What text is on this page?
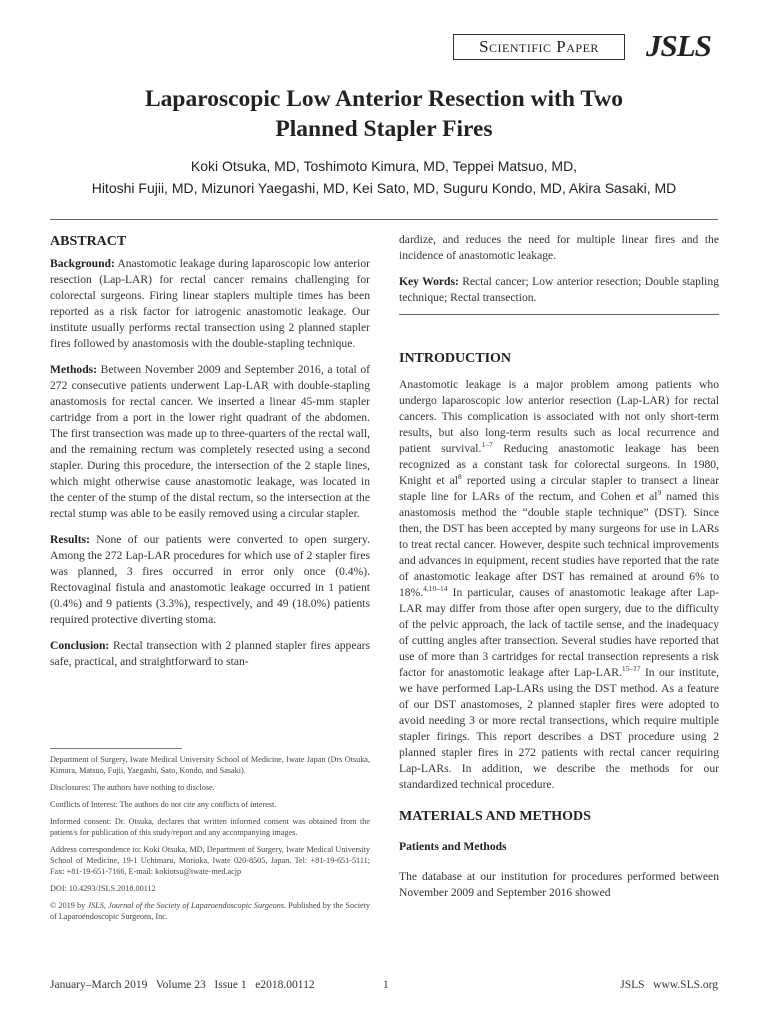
Scientific Paper	JSLS
Laparoscopic Low Anterior Resection with Two
Planned Stapler Fires
Koki Otsuka, MD, Toshimoto Kimura, MD, Teppei Matsuo, MD,
Hitoshi Fujii, MD, Mizunori Yaegashi, MD, Kei Sato, MD, Suguru Kondo, MD, Akira Sasaki, MD
ABSTRACT

Background: Anastomotic leakage during laparoscopic low anterior resection (Lap-LAR) for rectal cancer remains challenging for colorectal surgeons. Firing linear staplers multiple times has been reported as a risk factor for iatrogenic anastomotic leakage. Our institute usually performs rectal transection using 2 planned stapler fires followed by anastomosis with the double-stapling technique.

Methods: Between November 2009 and September 2016, a total of 272 consecutive patients underwent Lap-LAR with double-stapling anastomosis for rectal cancer. We inserted a linear 45-mm stapler cartridge from a port in the lower right quadrant of the abdomen. The first transection was made up to three-quarters of the rectal wall, and the remaining rectum was completely resected using a second stapler. During this procedure, the intersection of the 2 staple lines, which might otherwise cause anastomotic leakage, was located in the center of the stump of the distal rectum, so the intersection at the rectal stump was able to be easily removed using a circular stapler.

Results: None of our patients were converted to open surgery. Among the 272 Lap-LAR procedures for which use of 2 stapler fires was planned, 3 fires occurred in error only once (0.4%). Rectovaginal fistula and anastomotic leakage occurred in 1 patient (0.4%) and 9 patients (3.3%), respectively, and 49 (18.0%) patients required protective diverting stoma.

Conclusion: Rectal transection with 2 planned stapler fires appears safe, practical, and straightforward to stan-

Department of Surgery, Iwate Medical University School of Medicine, Iwate Japan (Drs Otsuka, Kimura, Matsuo, Fujii, Yaegashi, Sato, Kondo, and Sasaki).

Disclosures: The authors have nothing to disclose.

Conflicts of Interest: The authors do not cite any conflicts of interest.

Informed consent: Dr. Otsuka, declares that written informed consent was obtained from the patient/s for publication of this study/report and any accompanying images.

Address correspondence to: Koki Otsuka, MD, Department of Surgery, Iwate Medical University School of Medicine, 19-1 Uchimaru, Morioka, Iwate 020-8505, Japan. Tel: +81-19-651-5111; Fax: +81-19-651-7166, E-mail: kokiotsu@iwate-med.acjp

DOI: 10.4293/JSLS.2018.00112

© 2019 by JSLS, Journal of the Society of Laparoendoscopic Surgeons. Published by the Society of Laparoendoscopic Surgeons, Inc.

dardize, and reduces the need for multiple linear fires and the incidence of anastomotic leakage.

Key Words: Rectal cancer; Low anterior resection; Double stapling technique; Rectal transection.

INTRODUCTION

Anastomotic leakage is a major problem among patients who undergo laparoscopic low anterior resection (Lap-LAR) for rectal cancers. This complication is associated with not only short-term results, but also long-term results such as local recurrence and patient survival.$^{1-7}$ Reducing anastomotic leakage has been recognized as a constant task for colorectal surgeons. In 1980, Knight et $al^8$ reported using a circular stapler to transect a linear staple line for LARs of the rectum, and Cohen et $al^9$ named this anastomosis method the “double staple technique” (DST). Since then, the DST has been accepted by many surgeons for use in LARs to treat rectal cancer. However, despite such technical improvements and advances in equipment, recent studies have reported that the rate of anastomotic leakage after DST has remained at around 6% to 18%.$^{4,10-14}$ In particular, causes of anastomotic leakage after Lap-LAR may differ from those after open surgery, due to the difficulty of the pelvic approach, the lack of tactile sense, and the inadequacy of cutting angles after transection. Several studies have reported that use of more than 3 cartridges for rectal transection represents a risk factor for anastomotic leakage after Lap-LAR.$^{15-17}$ In our institute, we have performed Lap-LARs using the DST method. As a feature of our DST anastomoses, 2 planned stapler fires were adopted to avoid needing 3 or more rectal transections, which require multiple stapler firings. This report describes a DST procedure using 2 planned stapler fires in 272 patients with rectal cancer requiring Lap-LARs. In addition, we describe the methods for our standardized technical procedure.

MATERIALS AND METHODS
Patients and Methods

The database at our institution for procedures performed between November 2009 and September 2016 showed

January–March 2019   Volume 23   Issue 1   e2018.00112	1	JSLS   www.SLS.org
